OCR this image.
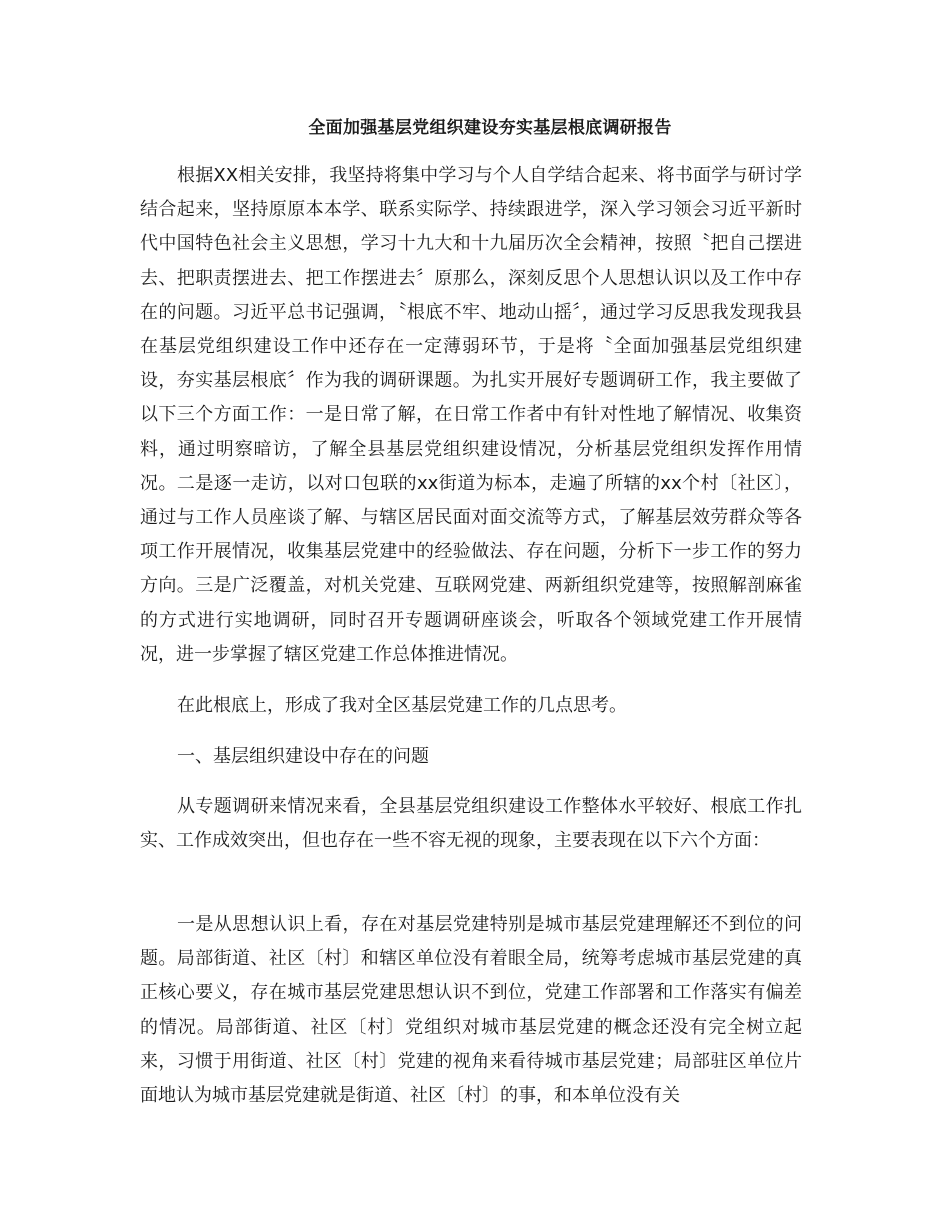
全面加强基层党组织建设夯实基层根底调研报告

根据XX相关安排，我坚持将集中学习与个人自学结合起来、将书面学与研讨学结合起来，坚持原原本本学、联系实际学、持续跟进学，深入学习领会习近平新时代中国特色社会主义思想，学习十九大和十九届历次全会精神，按照〝把自己摆进去、把职责摆进去、把工作摆进去〞原那么，深刻反思个人思想认识以及工作中存在的问题。习近平总书记强调，〝根底不牢、地动山摇〞，通过学习反思我发现我县在基层党组织建设工作中还存在一定薄弱环节，于是将〝全面加强基层党组织建设，夯实基层根底〞作为我的调研课题。为扎实开展好专题调研工作，我主要做了以下三个方面工作：一是日常了解，在日常工作者中有针对性地了解情况、收集资料，通过明察暗访，了解全县基层党组织建设情况，分析基层党组织发挥作用情况。二是逐一走访，以对口包联的xx街道为标本，走遍了所辖的xx个村〔社区〕，通过与工作人员座谈了解、与辖区居民面对面交流等方式，了解基层效劳群众等各项工作开展情况，收集基层党建中的经验做法、存在问题，分析下一步工作的努力方向。三是广泛覆盖，对机关党建、互联网党建、两新组织党建等，按照解剖麻雀的方式进行实地调研，同时召开专题调研座谈会，听取各个领域党建工作开展情况，进一步掌握了辖区党建工作总体推进情况。

在此根底上，形成了我对全区基层党建工作的几点思考。

一、基层组织建设中存在的问题

从专题调研来情况来看，全县基层党组织建设工作整体水平较好、根底工作扎实、工作成效突出，但也存在一些不容无视的现象，主要表现在以下六个方面：

一是从思想认识上看，存在对基层党建特别是城市基层党建理解还不到位的问题。局部街道、社区〔村〕和辖区单位没有着眼全局，统筹考虑城市基层党建的真正核心要义，存在城市基层党建思想认识不到位，党建工作部署和工作落实有偏差的情况。局部街道、社区〔村〕党组织对城市基层党建的概念还没有完全树立起来，习惯于用街道、社区〔村〕党建的视角来看待城市基层党建；局部驻区单位片面地认为城市基层党建就是街道、社区〔村〕的事，和本单位没有关
